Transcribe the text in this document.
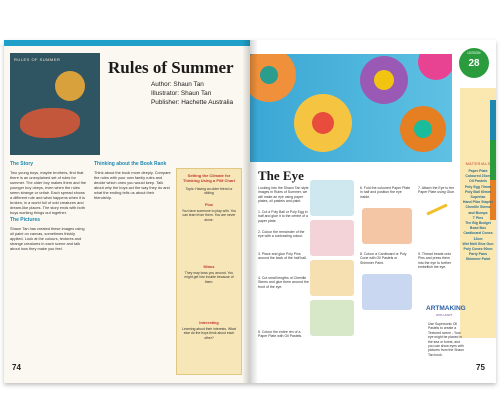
RULES OF SUMMER	Rules of Summer
Author: Shaun Tan
Illustrator: Shaun Tan
Publisher: Hachette Australia

The Story

Two young boys, maybe brothers, find that there is an unexplained set of rules for summer. The older boy makes them and the younger boy obeys, even when the rules seem strange or unfair. Each spread shows a different rule and what happens when it is broken, in a world full of odd creatures and dream-like places. The story ends with both boys working things out together.

The Pictures

Shaun Tan has created these images using oil paint on canvas, sometimes thickly applied. Look at the colours, textures and strange creatures in each scene and talk about how they make you feel.

Thinking about the Book Rank

Think about the book more deeply. Compare the rules with your own family rules and decide which ones you would keep. Talk about why the boys act the way they do and what the ending tells us about their friendship.

Setting the Climate for Thinking Using a P/M Chart
Topic: Having an older friend or sibling
Plus
You have someone to play with. You can learn from them. You are never alone.
Minus
They may boss you around. You might get into trouble because of them.
Interesting
Learning about their interests. What else do the boys think about each other?
74
LESSON
28
MATERIALS
Paper Plate Coloured 23cm
Oil Pastels
Poly Egg 70mm
Poly Ball 60mm
Supertac
Hand Pliar Stapler
Chenille Stems and Bumps
T Pins
The Big Budget Bead Box
Cardboard Cones 12cm
Wet Melt Glue Gun
Poly Cones 90cm
Party Pans
Shimmer Paint
The Eye
Looking into the Shaun Tan style images in Rules of Summer, we will make an eye using paper plates, oil pastels and paint.
1. Cut a Poly Ball or Poly Egg in half and glue it to the centre of a paper plate.
2. Colour the remainder of the eye with a contrasting colour.
3. Place and glue Poly Pins around the back of the half ball.
4. Cut small lengths of Chenille Stems and glue them around the front of the eye.
5. Colour the entire rim of a Paper Plate with Oil Pastels.
6. Fold the coloured Paper Plate in half and position the eye inside.
7. Attach the Eye to the Paper Plate using Glue.
8. Colour a Cardboard or Poly Cone with Oil Pastels or Shimmer Paint.
9. Thread beads onto Pins and press them into the eye to further embellish the eye.
ARTMAKING
WITH ZART
Use Supersonic Oil Pastels to create a Textured scene - Your eye might be placed in the sea or forest, and you can show eyes with pictures from the Shaun Tan book.
75
